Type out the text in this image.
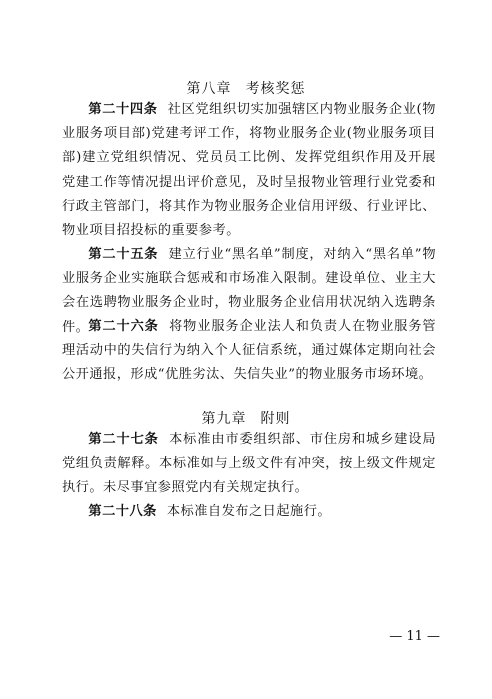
第八章 考核奖惩
第二十四条 社区党组织切实加强辖区内物业服务企业(物业服务项目部)党建考评工作，将物业服务企业(物业服务项目部)建立党组织情况、党员员工比例、发挥党组织作用及开展党建工作等情况提出评价意见，及时呈报物业管理行业党委和行政主管部门，将其作为物业服务企业信用评级、行业评比、物业项目招投标的重要参考。
第二十五条 建立行业“黑名单”制度，对纳入“黑名单”物业服务企业实施联合惩戒和市场准入限制。建设单位、业主大会在选聘物业服务企业时，物业服务企业信用状况纳入选聘条件。 第二十六条 将物业服务企业法人和负责人在物业服务管理活动中的失信行为纳入个人征信系统，通过媒体定期向社会公开通报，形成“优胜劣汰、失信失业”的物业服务市场环境。
第九章 附则
第二十七条 本标准由市委组织部、市住房和城乡建设局党组负责解释。本标准如与上级文件有冲突，按上级文件规定执行。未尽事宜参照党内有关规定执行。
第二十八条 本标准自发布之日起施行。
— 11 —
